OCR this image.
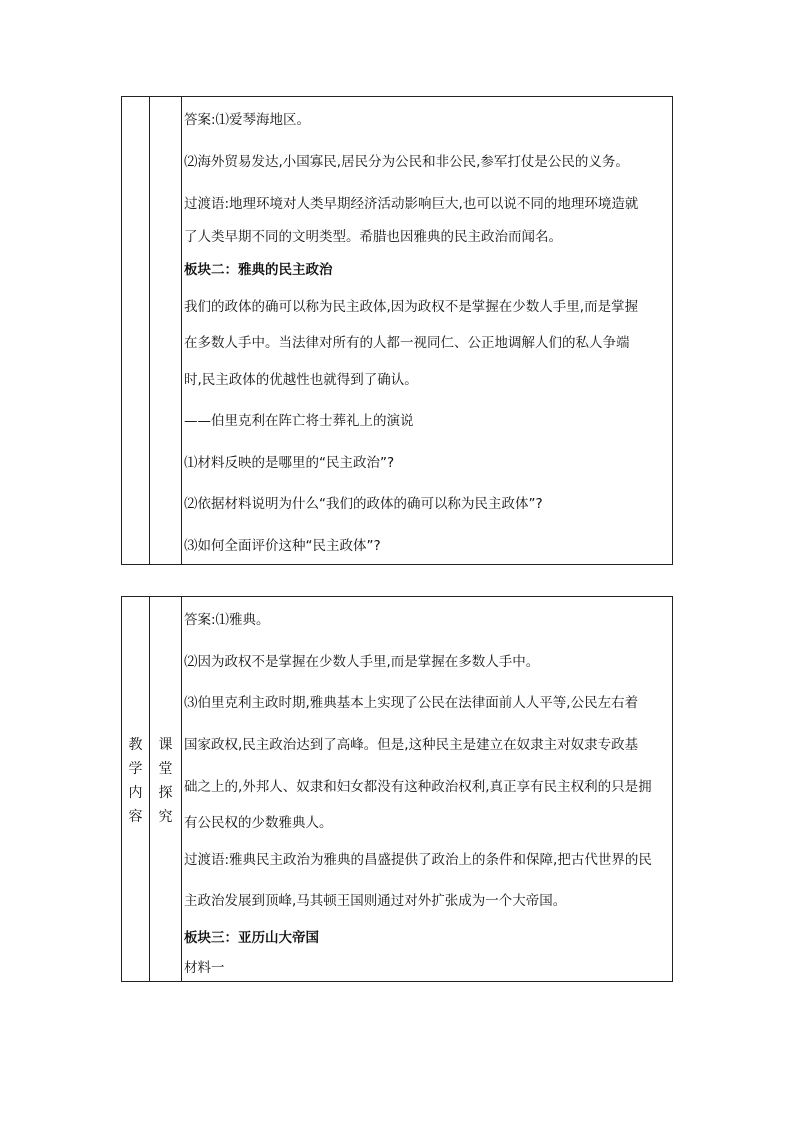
答案:⑴爱琴海地区。
⑵海外贸易发达,小国寡民,居民分为公民和非公民,参军打仗是公民的义务。
过渡语:地理环境对人类早期经济活动影响巨大,也可以说不同的地理环境造就
了人类早期不同的文明类型。希腊也因雅典的民主政治而闻名。
板块二：雅典的民主政治
我们的政体的确可以称为民主政体,因为政权不是掌握在少数人手里,而是掌握
在多数人手中。当法律对所有的人都一视同仁、公正地调解人们的私人争端
时,民主政体的优越性也就得到了确认。
——伯里克利在阵亡将士葬礼上的演说
⑴材料反映的是哪里的“民主政治”?
⑵依据材料说明为什么“我们的政体的确可以称为民主政体”?
⑶如何全面评价这种“民主政体”?
教
学
内
容
课
堂
探
究
答案:⑴雅典。
⑵因为政权不是掌握在少数人手里,而是掌握在多数人手中。
⑶伯里克利主政时期,雅典基本上实现了公民在法律面前人人平等,公民左右着
国家政权,民主政治达到了高峰。但是,这种民主是建立在奴隶主对奴隶专政基
础之上的,外邦人、奴隶和妇女都没有这种政治权利,真正享有民主权利的只是拥
有公民权的少数雅典人。
过渡语:雅典民主政治为雅典的昌盛提供了政治上的条件和保障,把古代世界的民
主政治发展到顶峰,马其顿王国则通过对外扩张成为一个大帝国。
板块三：亚历山大帝国
材料一
